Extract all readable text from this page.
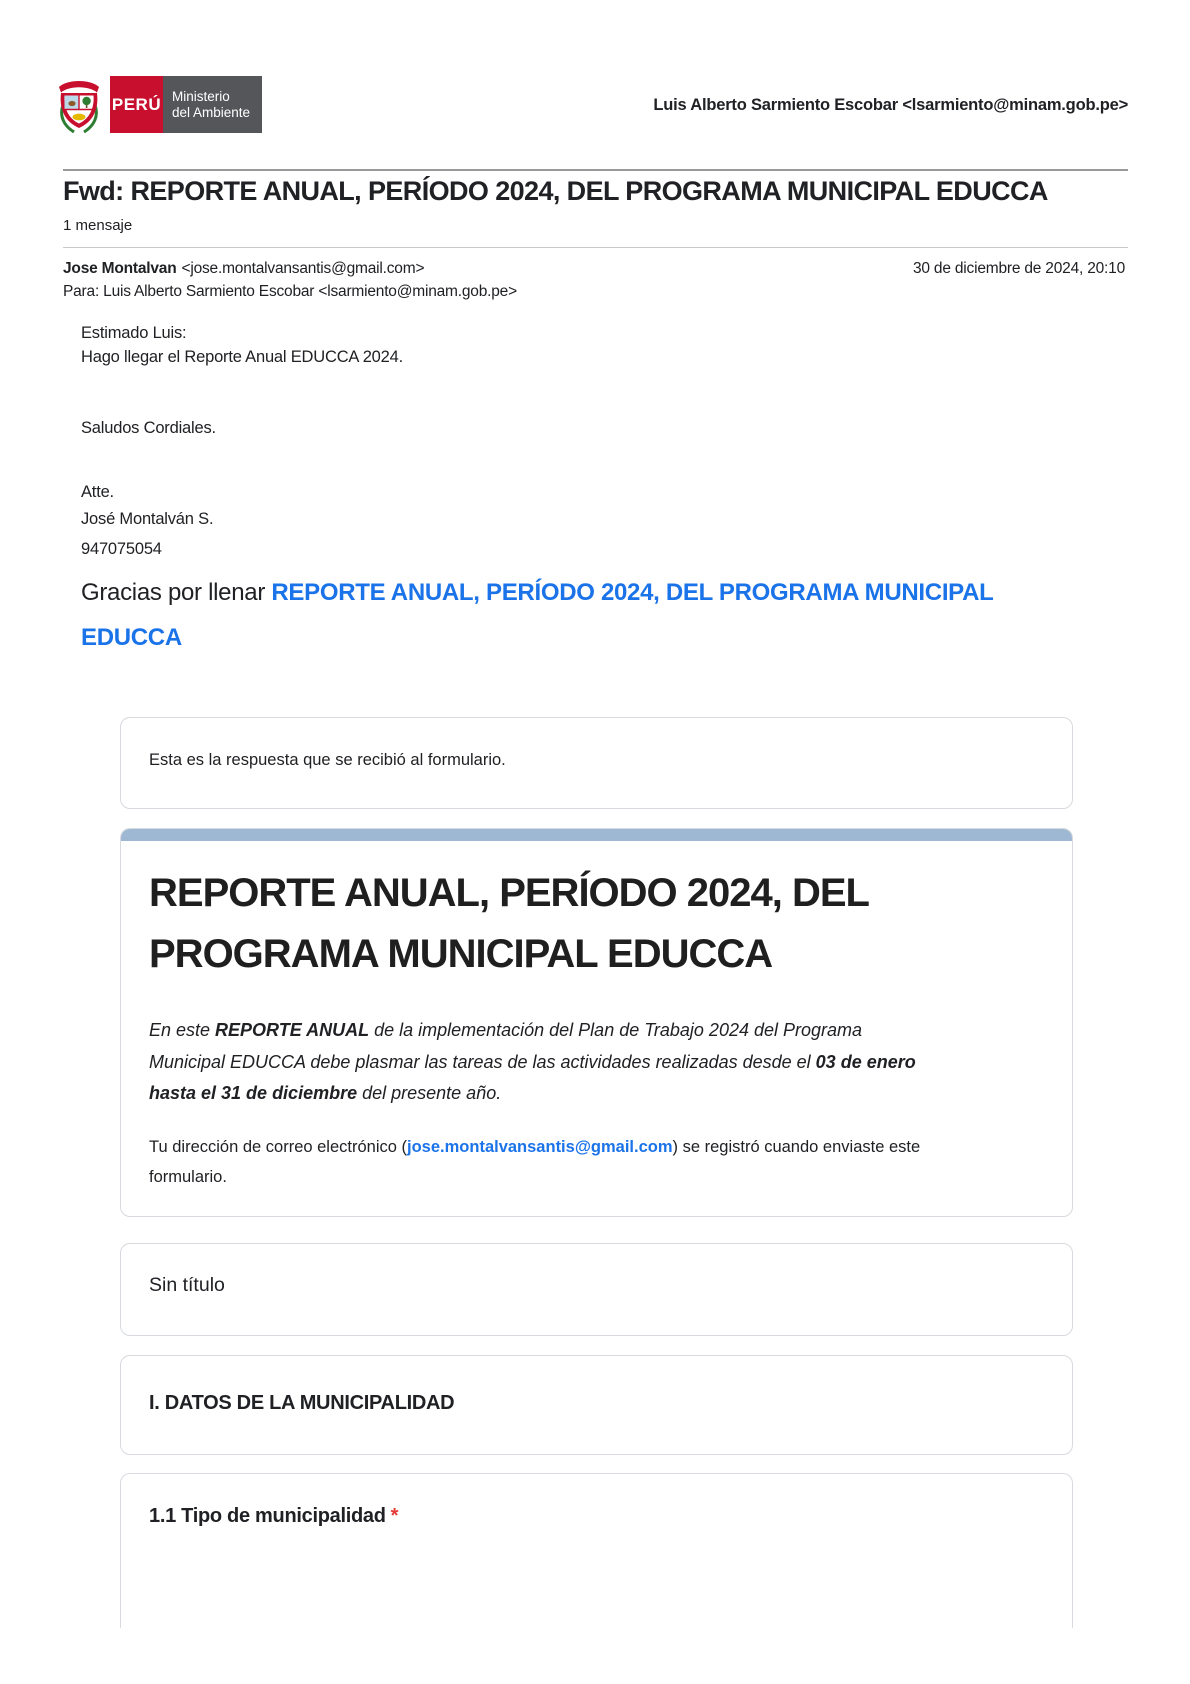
PERÚ Ministerio
del Ambiente	Luis Alberto Sarmiento Escobar <lsarmiento@minam.gob.pe>
Fwd: REPORTE ANUAL, PERÍODO 2024, DEL PROGRAMA MUNICIPAL EDUCCA
1 mensaje
Jose Montalvan <jose.montalvansantis@gmail.com>	30 de diciembre de 2024, 20:10
Para: Luis Alberto Sarmiento Escobar <lsarmiento@minam.gob.pe>

Estimado Luis:

Hago llegar el Reporte Anual EDUCCA 2024.

Saludos Cordiales.

Atte.

José Montalván S.

947075054

Gracias por llenar REPORTE ANUAL, PERÍODO 2024, DEL PROGRAMA MUNICIPAL EDUCCA
Esta es la respuesta que se recibió al formulario.
REPORTE ANUAL, PERÍODO 2024, DEL PROGRAMA MUNICIPAL EDUCCA
En este REPORTE ANUAL de la implementación del Plan de Trabajo 2024 del Programa
Municipal EDUCCA debe plasmar las tareas de las actividades realizadas desde el 03 de enero
hasta el 31 de diciembre del presente año.
Tu dirección de correo electrónico (jose.montalvansantis@gmail.com) se registró cuando enviaste este formulario.
Sin título
I. DATOS DE LA MUNICIPALIDAD
1.1 Tipo de municipalidad *
